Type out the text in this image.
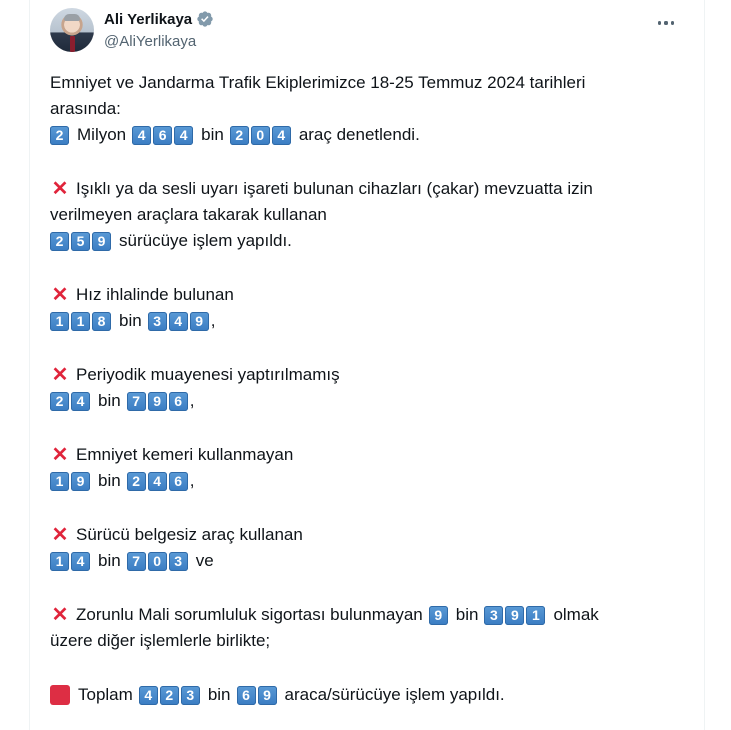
Ali Yerlikaya
@AliYerlikaya
Emniyet ve Jandarma Trafik Ekiplerimizce 18-25 Temmuz 2024 tarihleri
arasında:
2 Milyon 4 6 4 bin 2 0 4 araç denetlendi.
✕ Işıklı ya da sesli uyarı işareti bulunan cihazları (çakar) mevzuatta izin
verilmeyen araçlara takarak kullanan
2 5 9 sürücüye işlem yapıldı.
✕ Hız ihlalinde bulunan
1 1 8 bin 3 4 9 ,
✕ Periyodik muayenesi yaptırılmamış
2 4 bin 7 9 6 ,
✕ Emniyet kemeri kullanmayan
1 9 bin 2 4 6 ,
✕ Sürücü belgesiz araç kullanan
1 4 bin 7 0 3 ve
✕ Zorunlu Mali sorumluluk sigortası bulunmayan 9 bin 3 9 1 olmak
üzere diğer işlemlerle birlikte;
Toplam 4 2 3 bin 6 9 araca/sürücüye işlem yapıldı.
